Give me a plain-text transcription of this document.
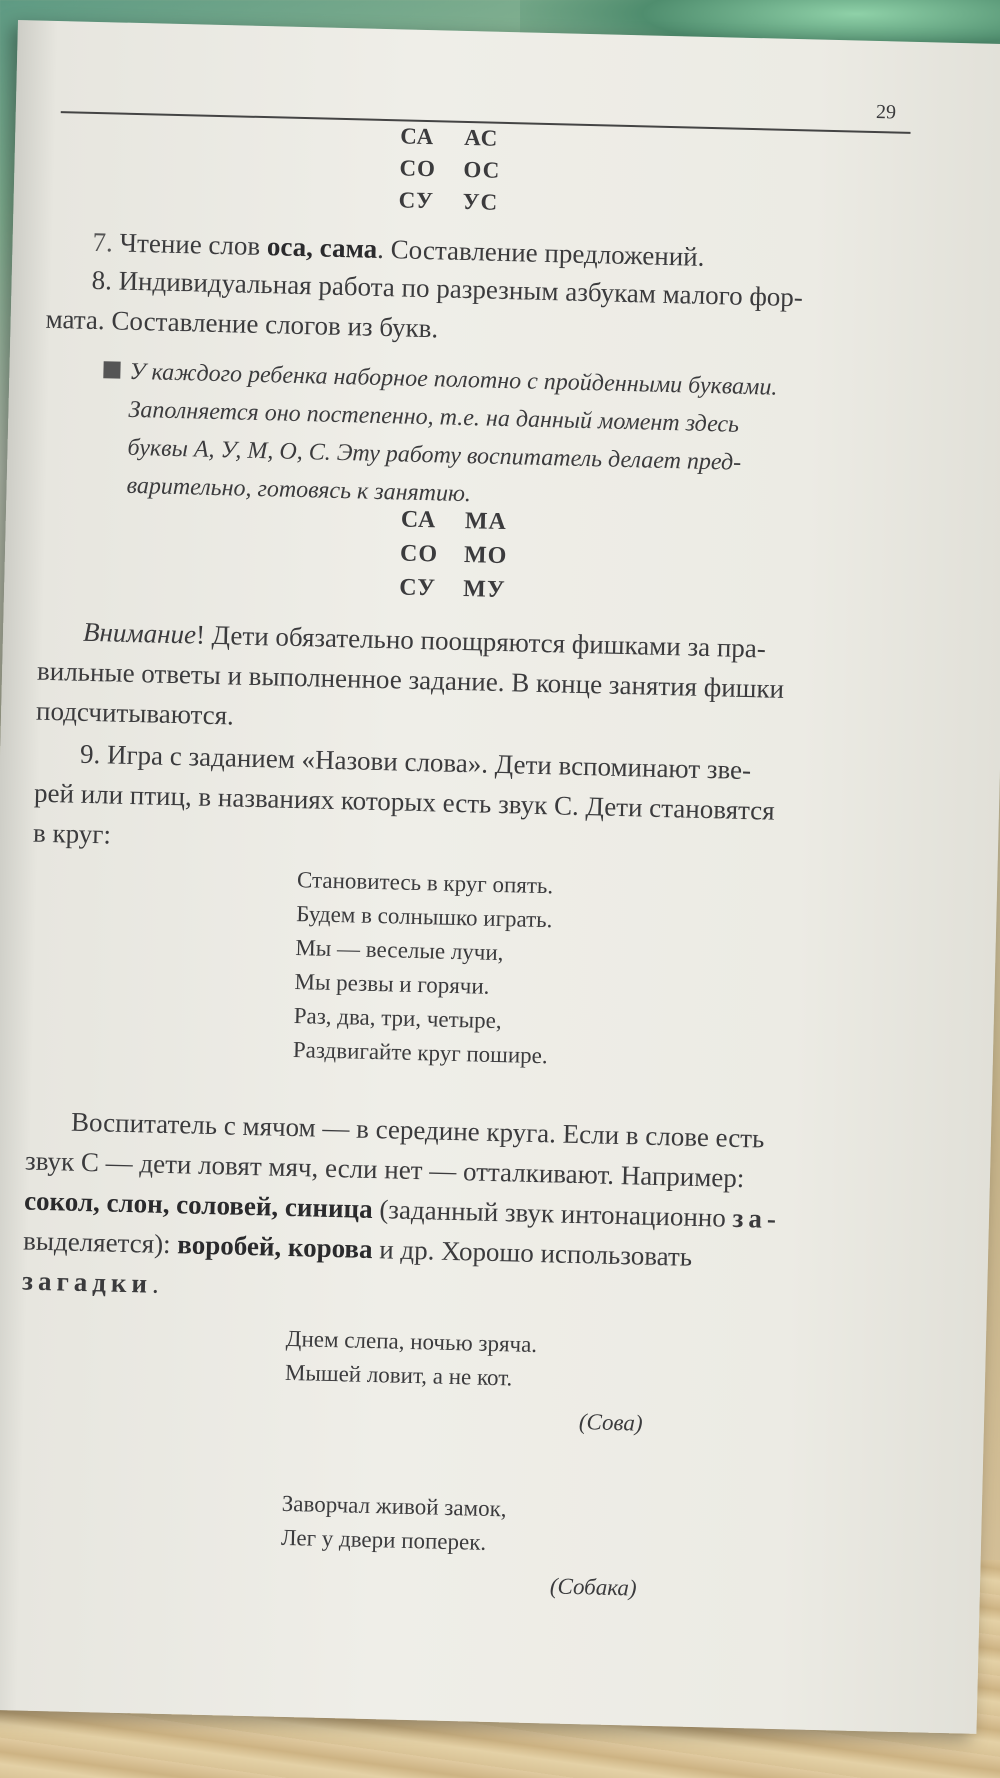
29
СА	АС
СО	ОС
СУ	УС

7. Чтение слов оса, сама. Составление предложений.

8. Индивидуальная работа по разрезным азбукам малого фор-
мата. Составление слогов из букв.

У каждого ребенка наборное полотно с пройденными буквами.
Заполняется оно постепенно, т.е. на данный момент здесь
буквы А, У, М, О, С. Эту работу воспитатель делает пред-
варительно, готовясь к занятию.
СА	МА
СО	МО
СУ	МУ

Внимание! Дети обязательно поощряются фишками за пра-
вильные ответы и выполненное задание. В конце занятия фишки
подсчитываются.

9. Игра с заданием «Назови слова». Дети вспоминают зве-
рей или птиц, в названиях которых есть звук С. Дети становятся
в круг:

Становитесь в круг опять.
Будем в солнышко играть.
Мы — веселые лучи,
Мы резвы и горячи.
Раз, два, три, четыре,
Раздвигайте круг пошире.

Воспитатель с мячом — в середине круга. Если в слове есть
звук С — дети ловят мяч, если нет — отталкивают. Например:
сокол, слон, соловей, синица (заданный звук интонационно за-
выделяется): воробей, корова и др. Хорошо использовать
загадки.

Днем слепа, ночью зряча.
Мышей ловит, а не кот.
(Сова)
Заворчал живой замок,
Лег у двери поперек.
(Собака)
